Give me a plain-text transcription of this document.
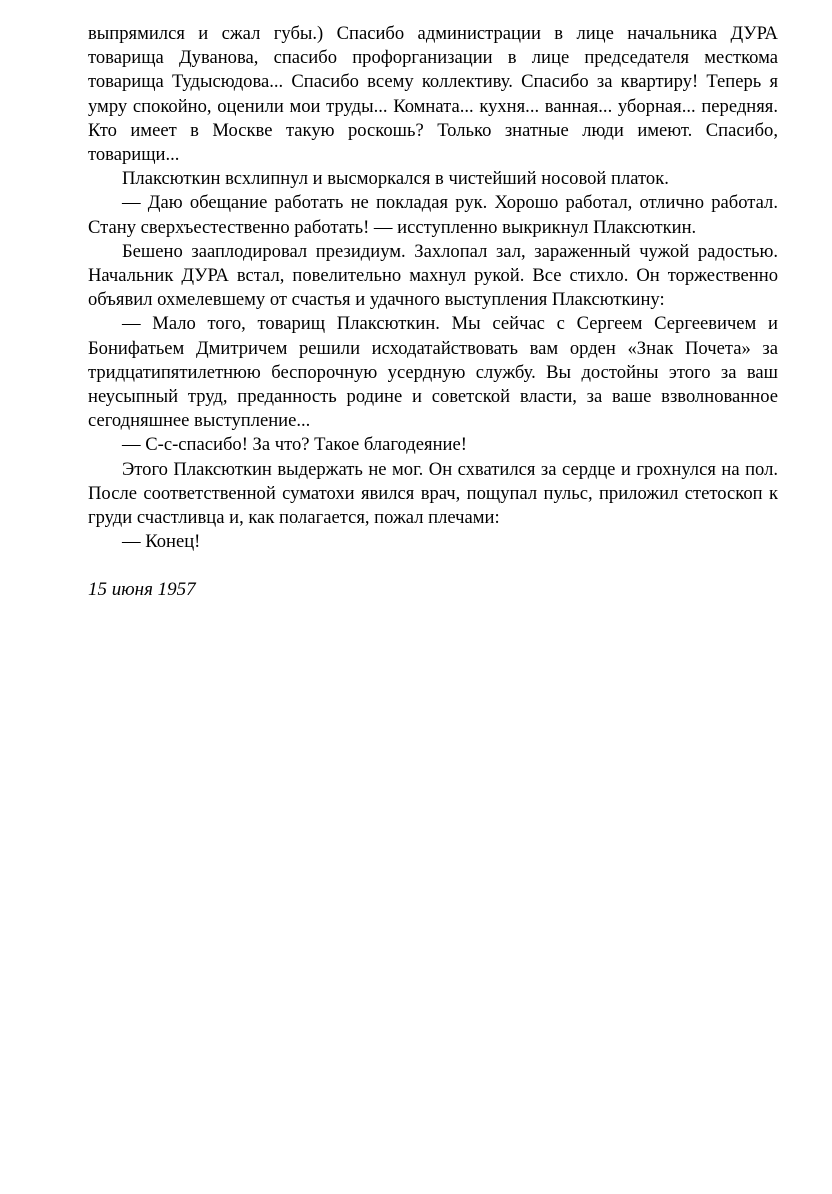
выпрямился и сжал губы.) Спасибо администрации в лице начальника ДУРА товарища Дуванова, спасибо профорганизации в лице председателя месткома товарища Тудысюдова... Спасибо всему коллективу. Спасибо за квартиру! Теперь я умру спокойно, оценили мои труды... Комната... кухня... ванная... уборная... передняя. Кто имеет в Москве такую роскошь? Только знатные люди имеют. Спасибо, товарищи...

Плаксюткин всхлипнул и высморкался в чистейший носовой платок.

— Даю обещание работать не покладая рук. Хорошо работал, отлично работал. Стану сверхъестественно работать! — исступленно выкрикнул Плаксюткин.

Бешено зааплодировал президиум. Захлопал зал, зараженный чужой радостью. Начальник ДУРА встал, повелительно махнул рукой. Все стихло. Он торжественно объявил охмелевшему от счастья и удачного выступления Плаксюткину:

— Мало того, товарищ Плаксюткин. Мы сейчас с Сергеем Сергеевичем и Бонифатьем Дмитричем решили исходатайствовать вам орден «Знак Почета» за тридцатипятилетнюю беспорочную усердную службу. Вы достойны этого за ваш неусыпный труд, преданность родине и советской власти, за ваше взволнованное сегодняшнее выступление...

— С-с-спасибо! За что? Такое благодеяние!

Этого Плаксюткин выдержать не мог. Он схватился за сердце и грохнулся на пол. После соответственной суматохи явился врач, пощупал пульс, приложил стетоскоп к груди счастливца и, как полагается, пожал плечами:

— Конец!

15 июня 1957
